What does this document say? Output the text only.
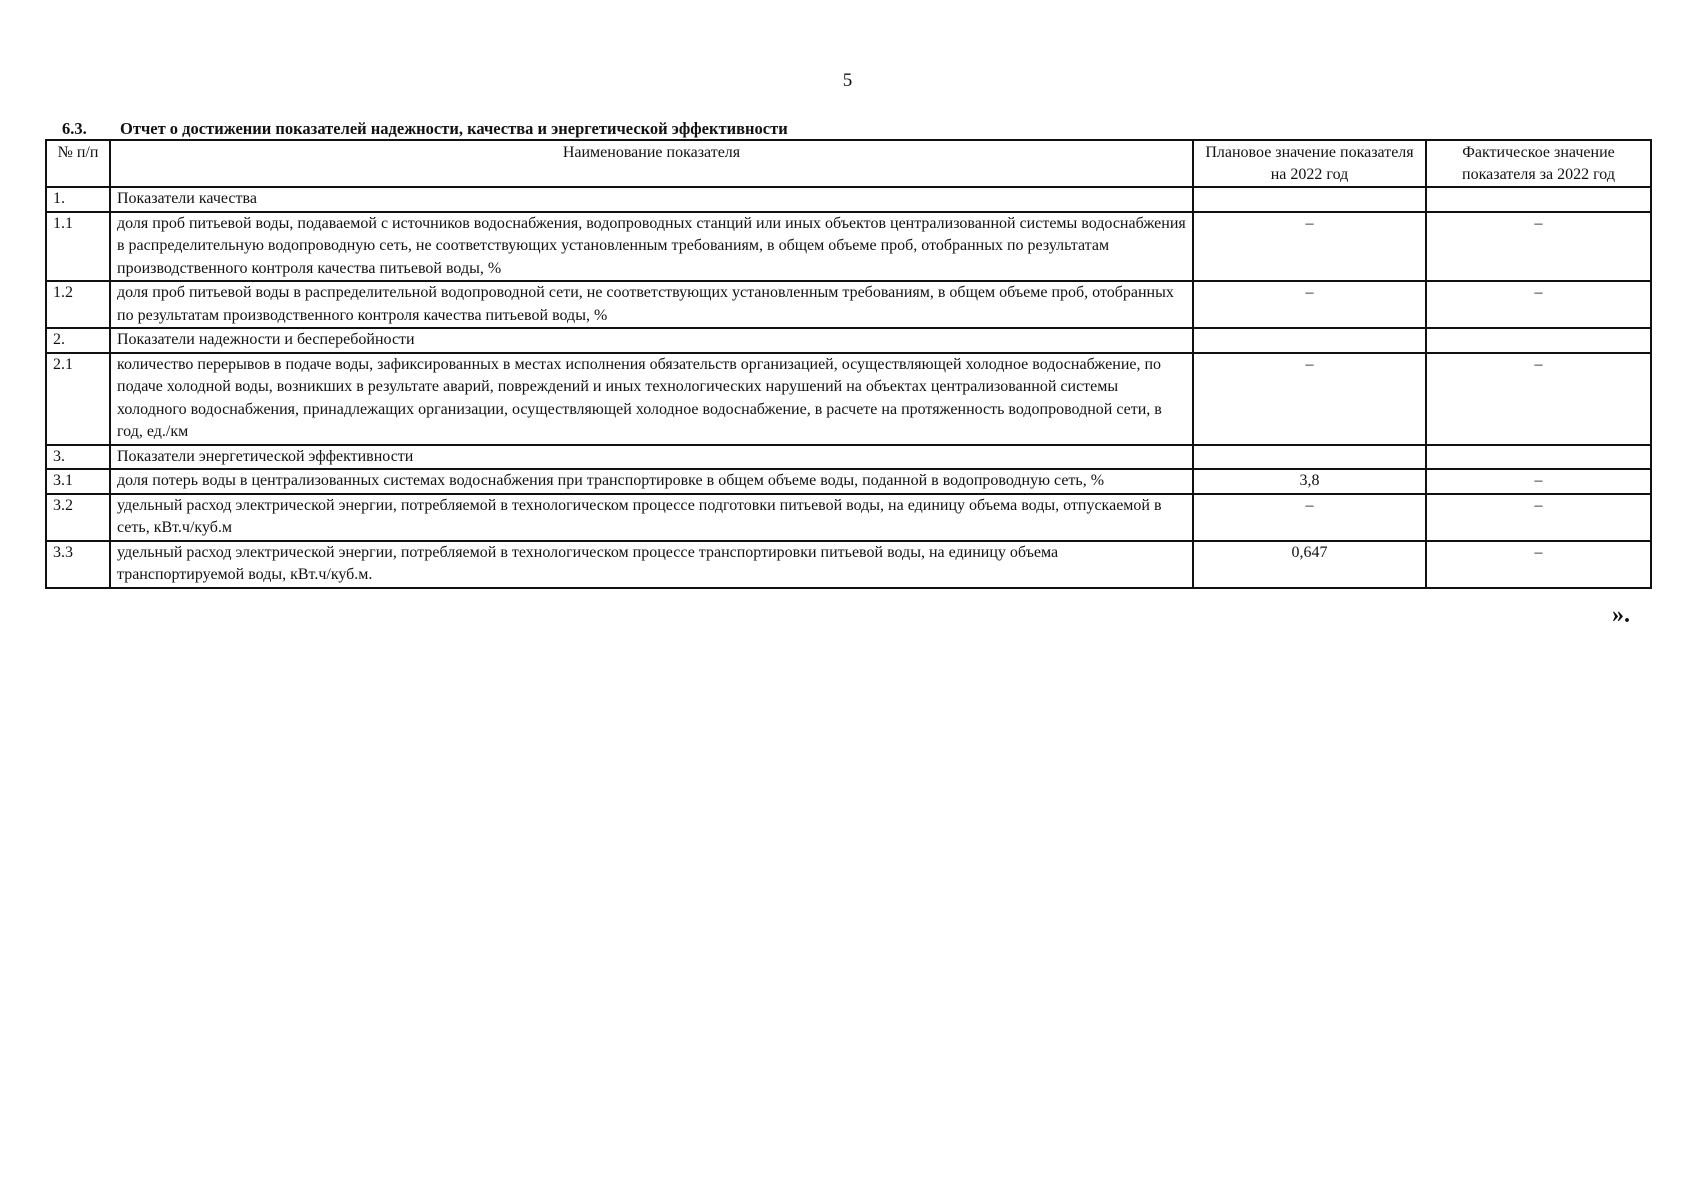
5
6.3. Отчет о достижении показателей надежности, качества и энергетической эффективности
№ п/п	Наименование показателя	Плановое значение показателя на 2022 год	Фактическое значение показателя за 2022 год
1.	Показатели качества		
1.1	доля проб питьевой воды, подаваемой с источников водоснабжения, водопроводных станций или иных объектов централизованной системы водоснабжения в распределительную водопроводную сеть, не соответствующих установленным требованиям, в общем объеме проб, отобранных по результатам производственного контроля качества питьевой воды, %	–	–
1.2	доля проб питьевой воды в распределительной водопроводной сети, не соответствующих установленным требованиям, в общем объеме проб, отобранных по результатам производственного контроля качества питьевой воды, %	–	–
2.	Показатели надежности и бесперебойности		
2.1	количество перерывов в подаче воды, зафиксированных в местах исполнения обязательств организацией, осуществляющей холодное водоснабжение, по подаче холодной воды, возникших в результате аварий, повреждений и иных технологических нарушений на объектах централизованной системы холодного водоснабжения, принадлежащих организации, осуществляющей холодное водоснабжение, в расчете на протяженность водопроводной сети, в год, ед./км	–	–
3.	Показатели энергетической эффективности		
3.1	доля потерь воды в централизованных системах водоснабжения при транспортировке в общем объеме воды, поданной в водопроводную сеть, %	3,8	–
3.2	удельный расход электрической энергии, потребляемой в технологическом процессе подготовки питьевой воды, на единицу объема воды, отпускаемой в сеть, кВт.ч/куб.м	–	–
3.3	удельный расход электрической энергии, потребляемой в технологическом процессе транспортировки питьевой воды, на единицу объема транспортируемой воды, кВт.ч/куб.м.	0,647	–
».
